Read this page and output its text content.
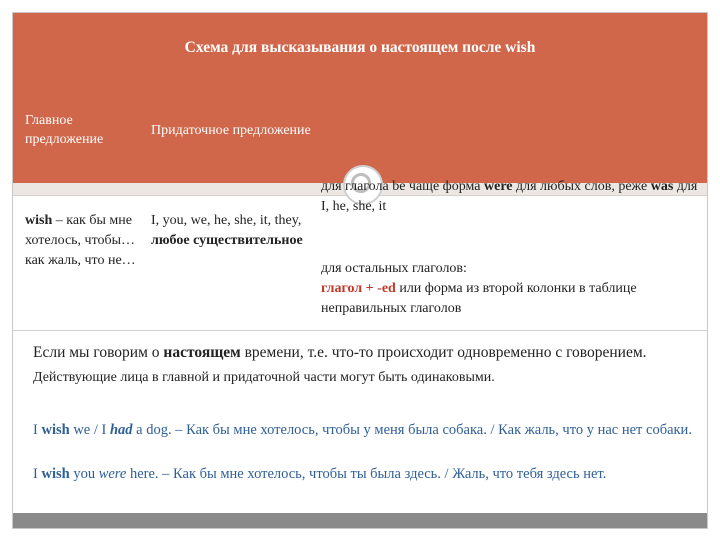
Схема для высказывания о настоящем после wish
Главное предложение
Придаточное предложение
wish – как бы мне хотелось, чтобы… как жаль, что не…
I, you, we, he, she, it, they,
любое существительное
для глагола be чаще форма were для любых слов, реже was для I, he, she, it
для остальных глаголов:
глагол + -ed или форма из второй колонки в таблице неправильных глаголов
Если мы говорим о настоящем времени, т.е. что-то происходит одновременно с говорением. Действующие лица в главной и придаточной части могут быть одинаковыми.
I wish we / I had a dog. – Как бы мне хотелось, чтобы у меня была собака. / Как жаль, что у нас нет собаки.
I wish you were here. – Как бы мне хотелось, чтобы ты была здесь. / Жаль, что тебя здесь нет.
